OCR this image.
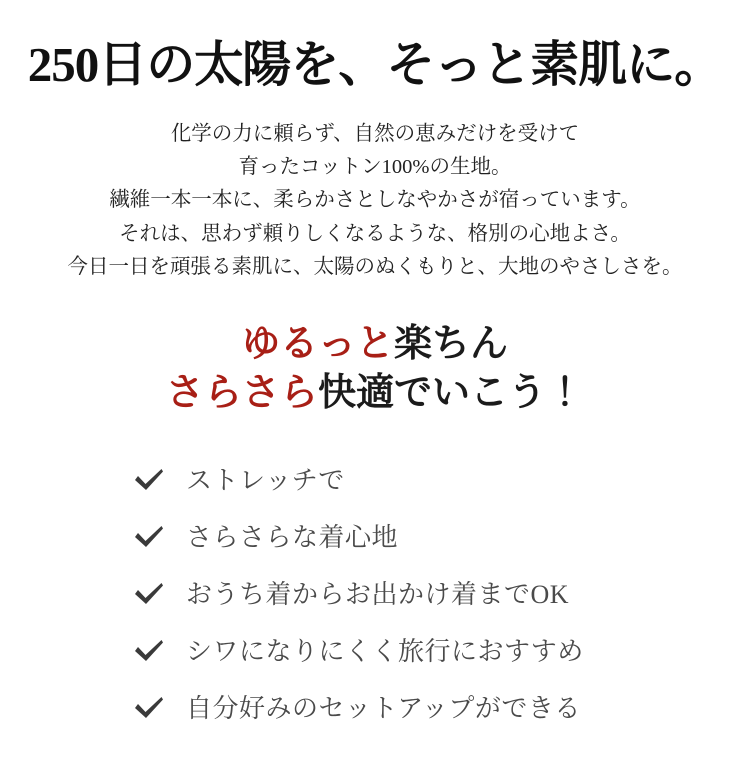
250日の太陽を、そっと素肌に。
化学の力に頼らず、自然の恵みだけを受けて
育ったコットン100%の生地。
繊維一本一本に、柔らかさとしなやかさが宿っています。
それは、思わず頼りしくなるような、格別の心地よさ。
今日一日を頑張る素肌に、太陽のぬくもりと、大地のやさしさを。
ゆるっと楽ちん
さらさら快適でいこう！
ストレッチで
さらさらな着心地
おうち着からお出かけ着までOK
シワになりにくく旅行におすすめ
自分好みのセットアップができる
